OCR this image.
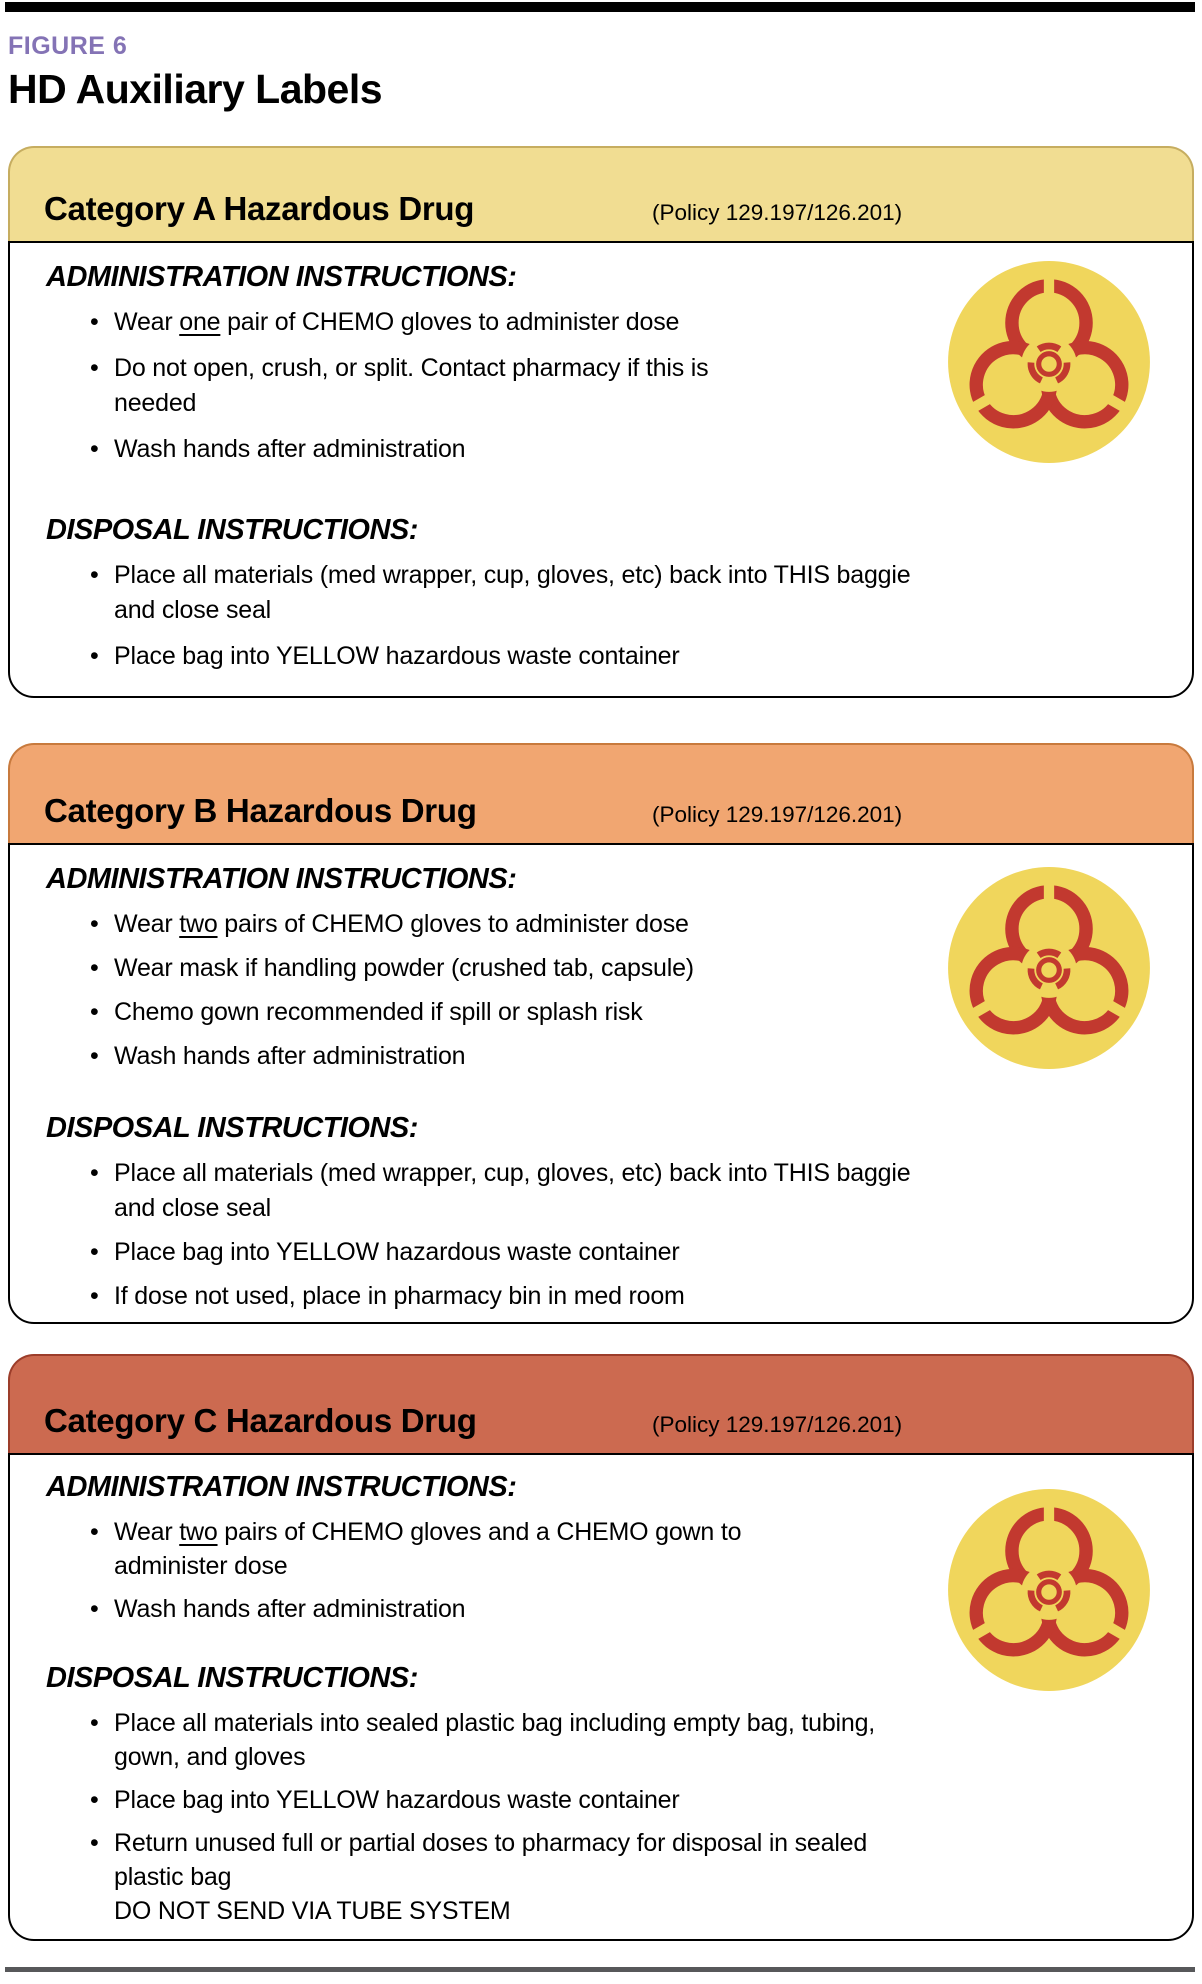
FIGURE 6
HD Auxiliary Labels
Category A Hazardous Drug	(Policy 129.197/126.201)
ADMINISTRATION INSTRUCTIONS:
• Wear one pair of CHEMO gloves to administer dose
• Do not open, crush, or split. Contact pharmacy if this is
needed
• Wash hands after administration
DISPOSAL INSTRUCTIONS:
• Place all materials (med wrapper, cup, gloves, etc) back into THIS baggie
and close seal
• Place bag into YELLOW hazardous waste container
Category B Hazardous Drug	(Policy 129.197/126.201)
ADMINISTRATION INSTRUCTIONS:
• Wear two pairs of CHEMO gloves to administer dose
• Wear mask if handling powder (crushed tab, capsule)
• Chemo gown recommended if spill or splash risk
• Wash hands after administration
DISPOSAL INSTRUCTIONS:
• Place all materials (med wrapper, cup, gloves, etc) back into THIS baggie
and close seal
• Place bag into YELLOW hazardous waste container
• If dose not used, place in pharmacy bin in med room
Category C Hazardous Drug	(Policy 129.197/126.201)
ADMINISTRATION INSTRUCTIONS:
• Wear two pairs of CHEMO gloves and a CHEMO gown to
administer dose
• Wash hands after administration
DISPOSAL INSTRUCTIONS:
• Place all materials into sealed plastic bag including empty bag, tubing,
gown, and gloves
• Place bag into YELLOW hazardous waste container
• Return unused full or partial doses to pharmacy for disposal in sealed
plastic bag
DO NOT SEND VIA TUBE SYSTEM
